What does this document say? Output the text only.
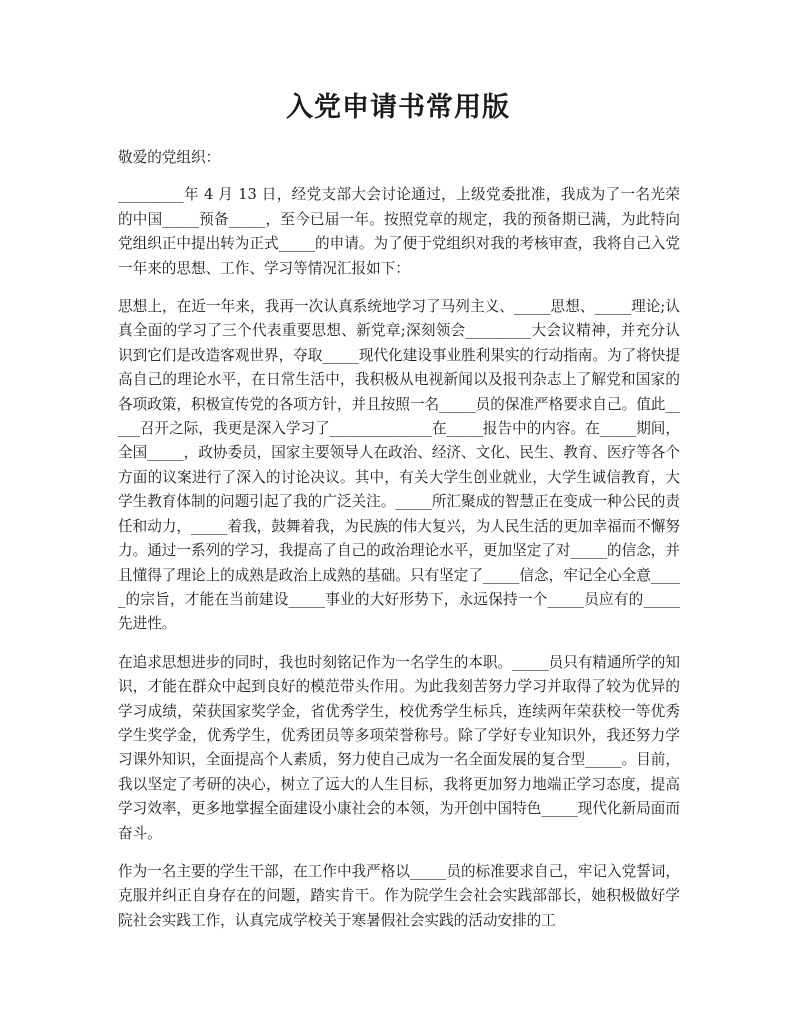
入党申请书常用版

敬爱的党组织：

_________年 4 月 13 日，经党支部大会讨论通过，上级党委批准，我成为了一名光荣的中国_____预备_____，至今已届一年。按照党章的规定，我的预备期已满，为此特向党组织正中提出转为正式_____的申请。为了便于党组织对我的考核审查，我将自己入党一年来的思想、工作、学习等情况汇报如下：

思想上，在近一年来，我再一次认真系统地学习了马列主义、_____思想、_____理论;认真全面的学习了三个代表重要思想、新党章;深刻领会_________大会议精神，并充分认识到它们是改造客观世界，夺取_____现代化建设事业胜利果实的行动指南。为了将快提高自己的理论水平，在日常生活中，我积极从电视新闻以及报刊杂志上了解党和国家的各项政策，积极宣传党的各项方针，并且按照一名_____员的保准严格要求自己。值此_____召开之际，我更是深入学习了______________在_____报告中的内容。在_____期间，全国_____，政协委员，国家主要领导人在政治、经济、文化、民生、教育、医疗等各个方面的议案进行了深入的讨论决议。其中，有关大学生创业就业，大学生诚信教育，大学生教育体制的问题引起了我的广泛关注。_____所汇聚成的智慧正在变成一种公民的责任和动力，_____着我，鼓舞着我，为民族的伟大复兴，为人民生活的更加幸福而不懈努力。通过一系列的学习，我提高了自己的政治理论水平，更加坚定了对_____的信念，并且懂得了理论上的成熟是政治上成熟的基础。只有坚定了_____信念，牢记全心全意_____的宗旨，才能在当前建设_____事业的大好形势下，永远保持一个_____员应有的_____先进性。

在追求思想进步的同时，我也时刻铭记作为一名学生的本职。_____员只有精通所学的知识，才能在群众中起到良好的模范带头作用。为此我刻苦努力学习并取得了较为优异的学习成绩，荣获国家奖学金，省优秀学生，校优秀学生标兵，连续两年荣获校一等优秀学生奖学金，优秀学生，优秀团员等多项荣誉称号。除了学好专业知识外，我还努力学习课外知识，全面提高个人素质，努力使自己成为一名全面发展的复合型_____。目前，我以坚定了考研的决心，树立了远大的人生目标，我将更加努力地端正学习态度，提高学习效率，更多地掌握全面建设小康社会的本领，为开创中国特色_____现代化新局面而奋斗。

作为一名主要的学生干部，在工作中我严格以_____员的标准要求自己，牢记入党誓词，克服并纠正自身存在的问题，踏实肯干。作为院学生会社会实践部部长，她积极做好学院社会实践工作，认真完成学校关于寒暑假社会实践的活动安排的工
